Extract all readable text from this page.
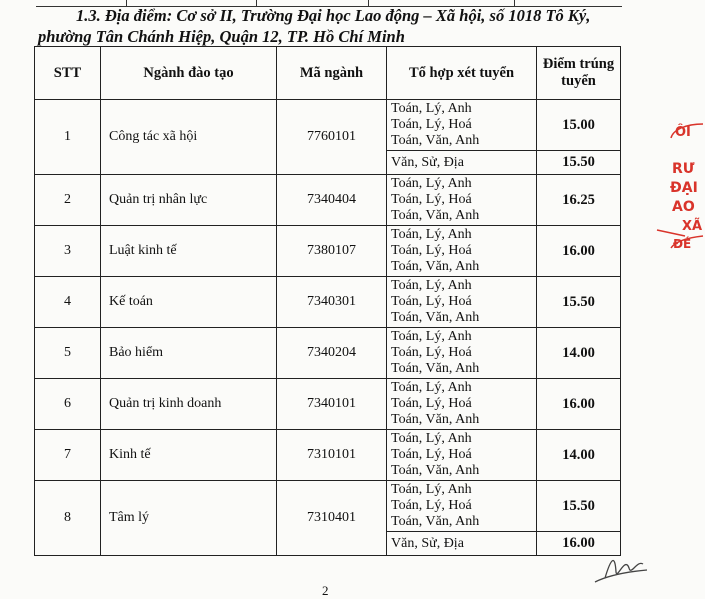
1.3. Địa điểm: Cơ sở II, Trường Đại học Lao động – Xã hội, số 1018 Tô Ký,
phường Tân Chánh Hiệp, Quận 12, TP. Hồ Chí Minh
STT	Ngành đào tạo	Mã ngành	Tổ hợp xét tuyển	Điểm trúng tuyển
1	Công tác xã hội	7760101	Toán, Lý, Anh
Toán, Lý, Hoá
Toán, Văn, Anh	15.00

			Văn, Sử, Địa	15.50
2	Quản trị nhân lực	7340404	Toán, Lý, Anh
Toán, Lý, Hoá
Toán, Văn, Anh	16.25
3	Luật kinh tế	7380107	Toán, Lý, Anh
Toán, Lý, Hoá
Toán, Văn, Anh	16.00
4	Kế toán	7340301	Toán, Lý, Anh
Toán, Lý, Hoá
Toán, Văn, Anh	15.50
5	Bảo hiểm	7340204	Toán, Lý, Anh
Toán, Lý, Hoá
Toán, Văn, Anh	14.00
6	Quản trị kinh doanh	7340101	Toán, Lý, Anh
Toán, Lý, Hoá
Toán, Văn, Anh	16.00
7	Kinh tế	7310101	Toán, Lý, Anh
Toán, Lý, Hoá
Toán, Văn, Anh	14.00
8	Tâm lý	7310401	Toán, Lý, Anh
Toán, Lý, Hoá
Toán, Văn, Anh	15.50

			Văn, Sử, Địa	16.00
2
ÔI
RƯ
ĐẠI
AO
XÃ
ĐÉ
